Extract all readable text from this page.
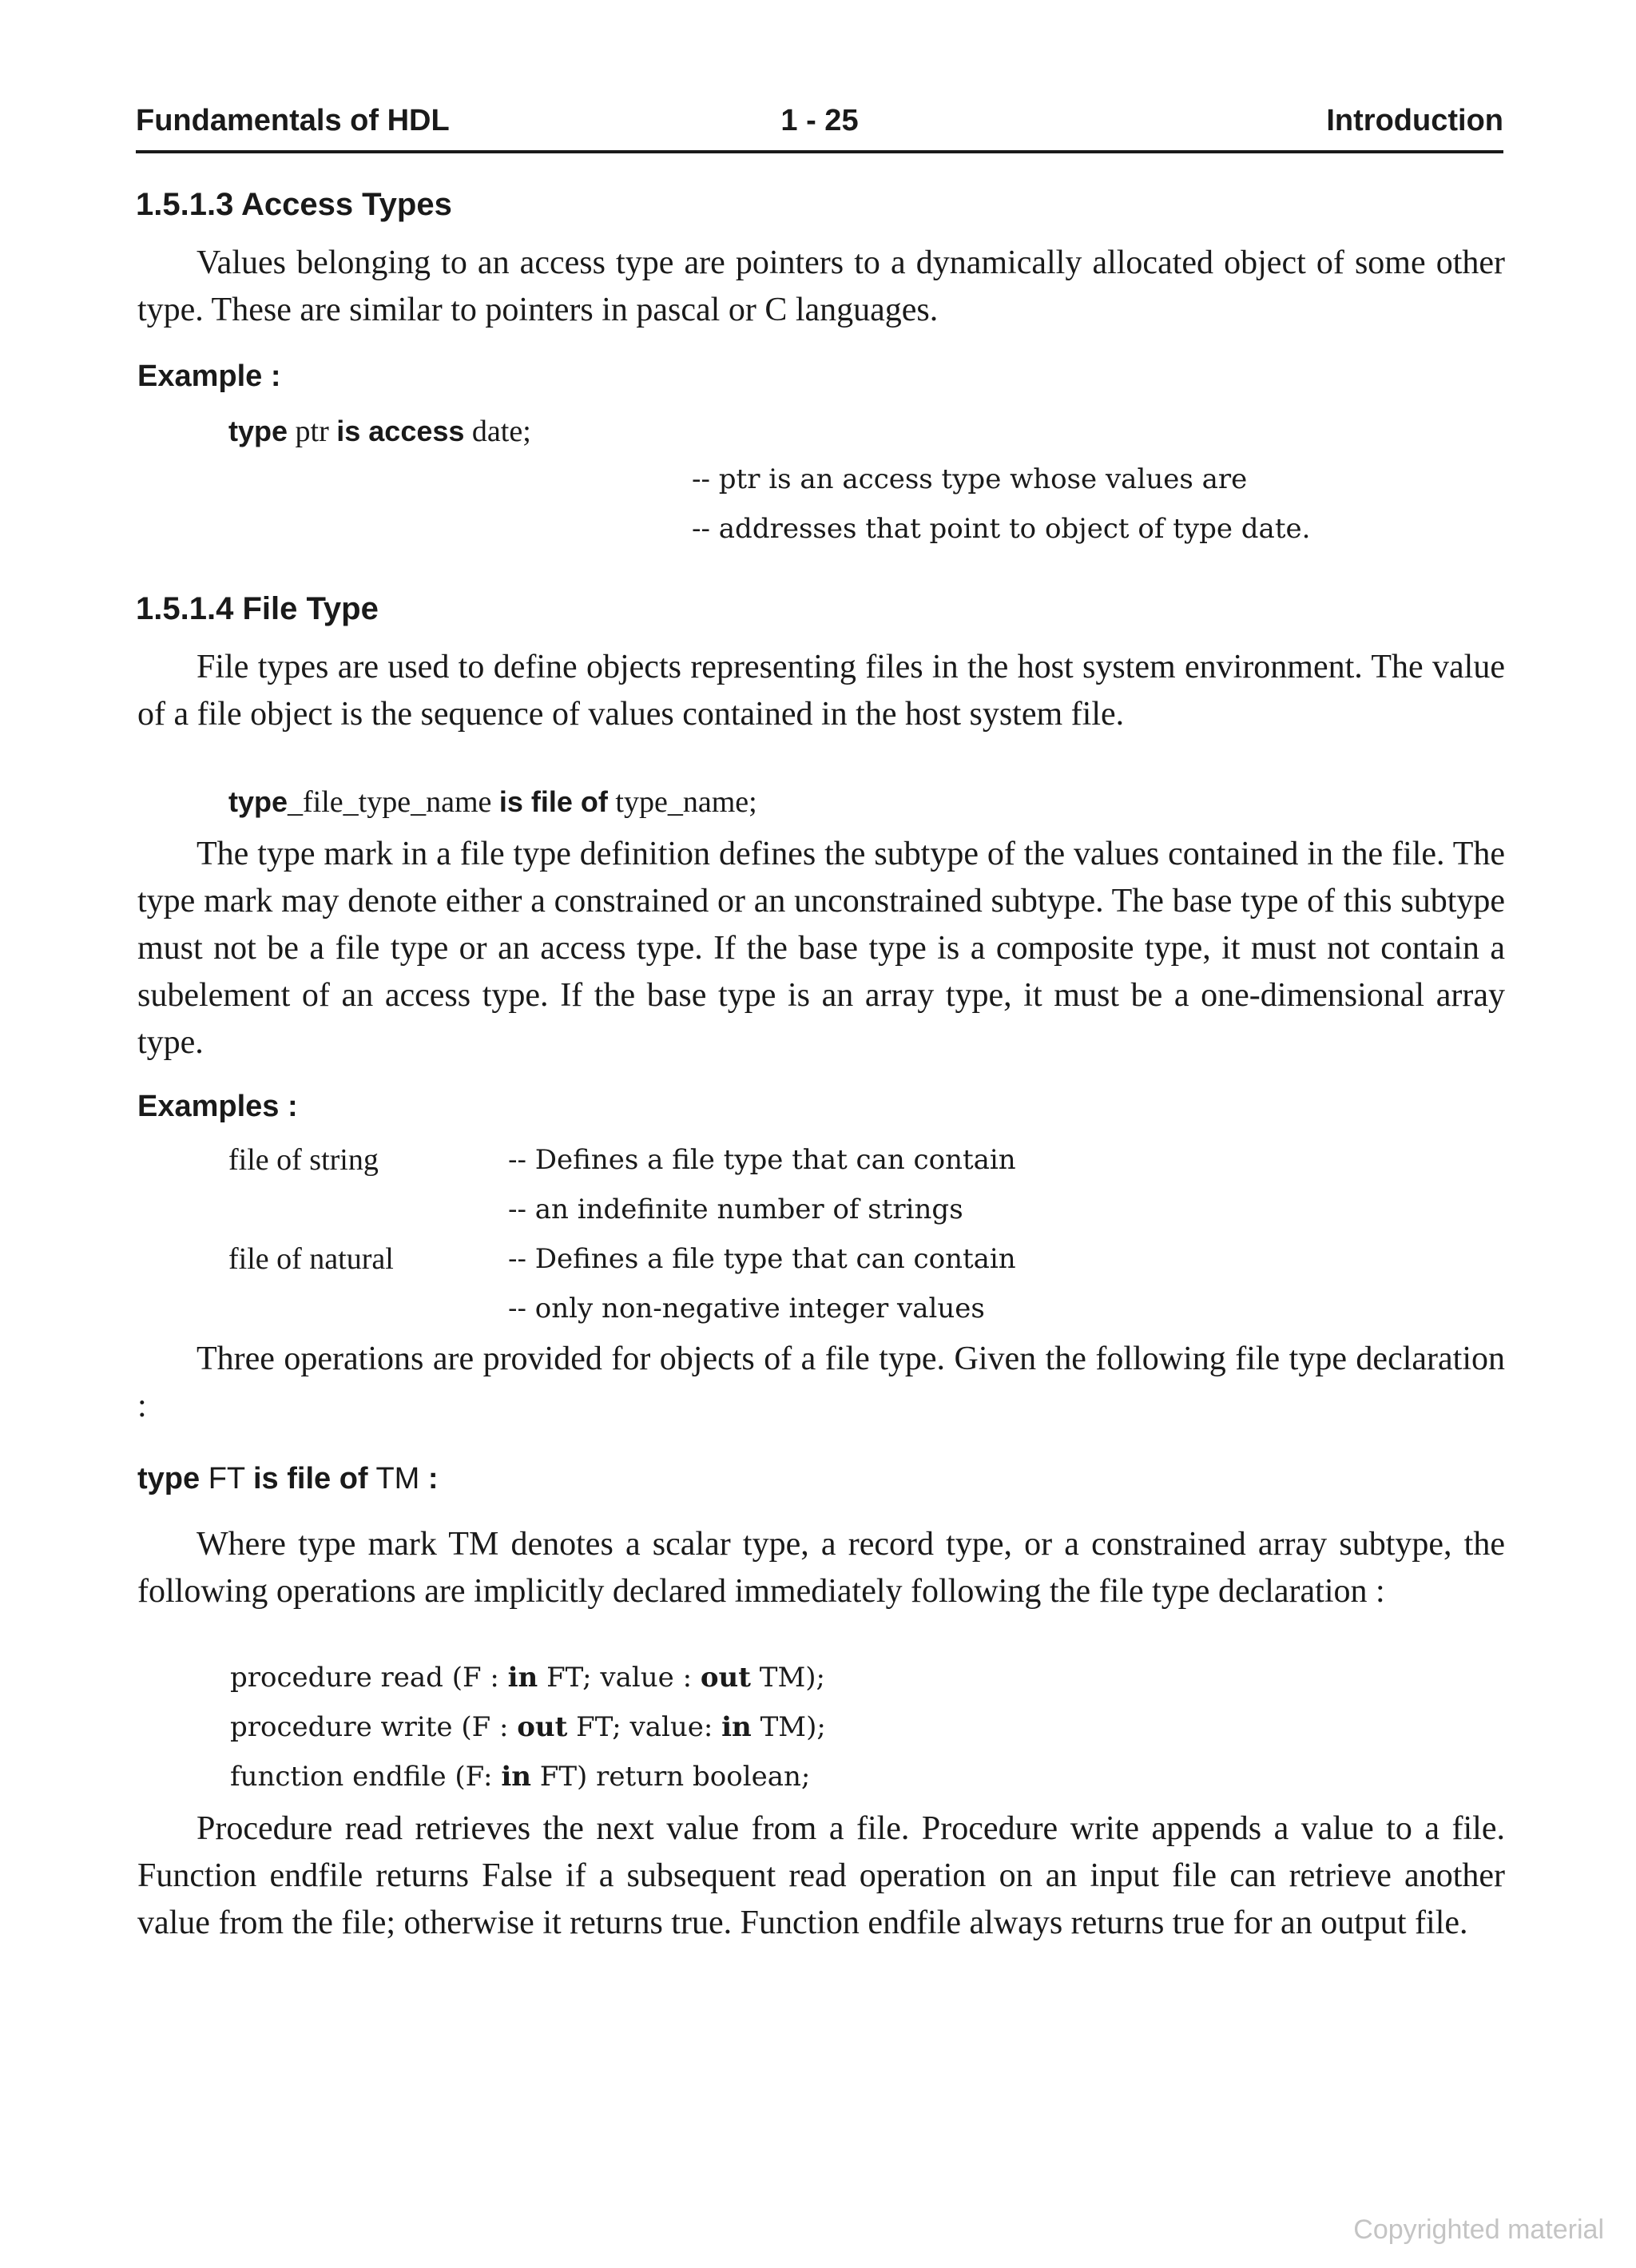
Fundamentals of HDL	1 - 25	Introduction
1.5.1.3 Access Types

Values belonging to an access type are pointers to a dynamically allocated object of some other type. These are similar to pointers in pascal or C languages.

Example :
type ptr is access date;
-- ptr is an access type whose values are
-- addresses that point to object of type date.
1.5.1.4 File Type

File types are used to define objects representing files in the host system environment. The value of a file object is the sequence of values contained in the host system file.

type_file_type_name is file of type_name;

The type mark in a file type definition defines the subtype of the values contained in the file. The type mark may denote either a constrained or an unconstrained subtype. The base type of this subtype must not be a file type or an access type. If the base type is a composite type, it must not contain a subelement of an access type. If the base type is an array type, it must be a one-dimensional array type.

Examples :
file of string	-- Defines a file type that can contain
-- an indefinite number of strings
file of natural	-- Defines a file type that can contain
-- only non-negative integer values

Three operations are provided for objects of a file type. Given the following file type declaration :

type FT is file of TM :

Where type mark TM denotes a scalar type, a record type, or a constrained array subtype, the following operations are implicitly declared immediately following the file type declaration :

procedure read (F : in FT; value : out TM);
procedure write (F : out FT; value: in TM);
function endfile (F: in FT) return boolean;

Procedure read retrieves the next value from a file. Procedure write appends a value to a file. Function endfile returns False if a subsequent read operation on an input file can retrieve another value from the file; otherwise it returns true. Function endfile always returns true for an output file.

Copyrighted material
